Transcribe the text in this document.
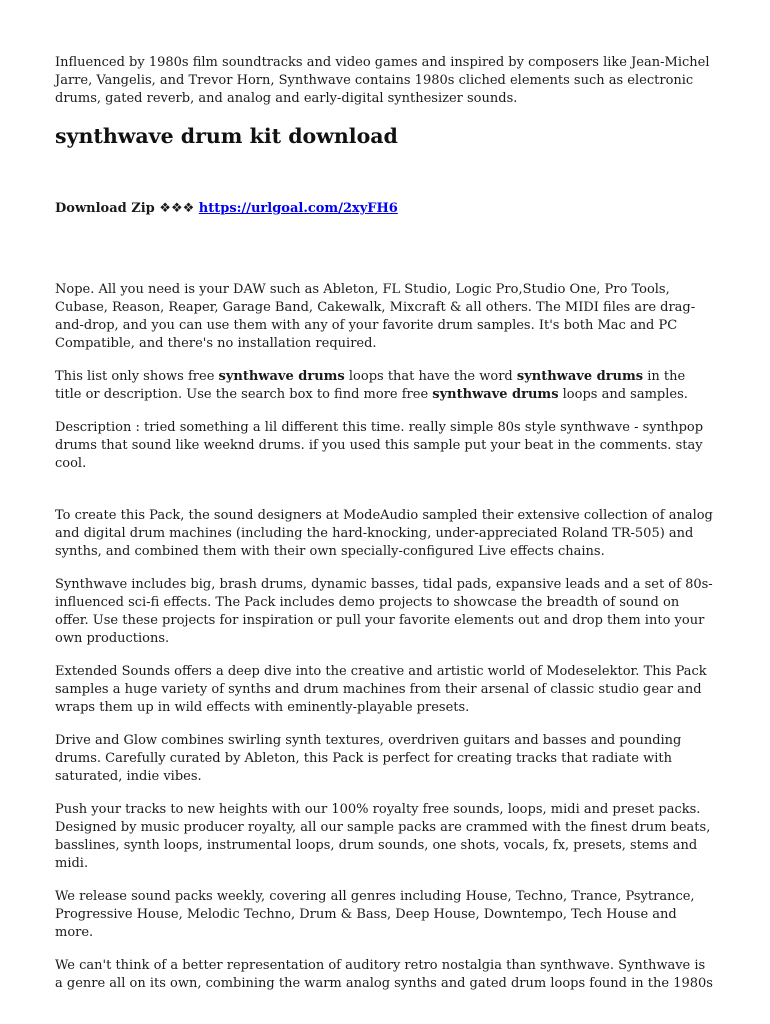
Influenced by 1980s film soundtracks and video games and inspired by composers like Jean-Michel Jarre, Vangelis, and Trevor Horn, Synthwave contains 1980s cliched elements such as electronic drums, gated reverb, and analog and early-digital synthesizer sounds.

synthwave drum kit download
Download Zip ❖❖❖ https://urlgoal.com/2xyFH6

Nope. All you need is your DAW such as Ableton, FL Studio, Logic Pro,Studio One, Pro Tools, Cubase, Reason, Reaper, Garage Band, Cakewalk, Mixcraft & all others. The MIDI files are drag-and-drop, and you can use them with any of your favorite drum samples. It's both Mac and PC Compatible, and there's no installation required.

This list only shows free synthwave drums loops that have the word synthwave drums in the title or description. Use the search box to find more free synthwave drums loops and samples.

Description : tried something a lil different this time. really simple 80s style synthwave - synthpop drums that sound like weeknd drums. if you used this sample put your beat in the comments. stay cool.

To create this Pack, the sound designers at ModeAudio sampled their extensive collection of analog and digital drum machines (including the hard-knocking, under-appreciated Roland TR-505) and synths, and combined them with their own specially-configured Live effects chains.

Synthwave includes big, brash drums, dynamic basses, tidal pads, expansive leads and a set of 80s-influenced sci-fi effects. The Pack includes demo projects to showcase the breadth of sound on offer. Use these projects for inspiration or pull your favorite elements out and drop them into your own productions.

Extended Sounds offers a deep dive into the creative and artistic world of Modeselektor. This Pack samples a huge variety of synths and drum machines from their arsenal of classic studio gear and wraps them up in wild effects with eminently-playable presets.

Drive and Glow combines swirling synth textures, overdriven guitars and basses and pounding drums. Carefully curated by Ableton, this Pack is perfect for creating tracks that radiate with saturated, indie vibes.

Push your tracks to new heights with our 100% royalty free sounds, loops, midi and preset packs. Designed by music producer royalty, all our sample packs are crammed with the finest drum beats, basslines, synth loops, instrumental loops, drum sounds, one shots, vocals, fx, presets, stems and midi.

We release sound packs weekly, covering all genres including House, Techno, Trance, Psytrance, Progressive House, Melodic Techno, Drum & Bass, Deep House, Downtempo, Tech House and more.

We can't think of a better representation of auditory retro nostalgia than synthwave. Synthwave is a genre all on its own, combining the warm analog synths and gated drum loops found in the 1980s
